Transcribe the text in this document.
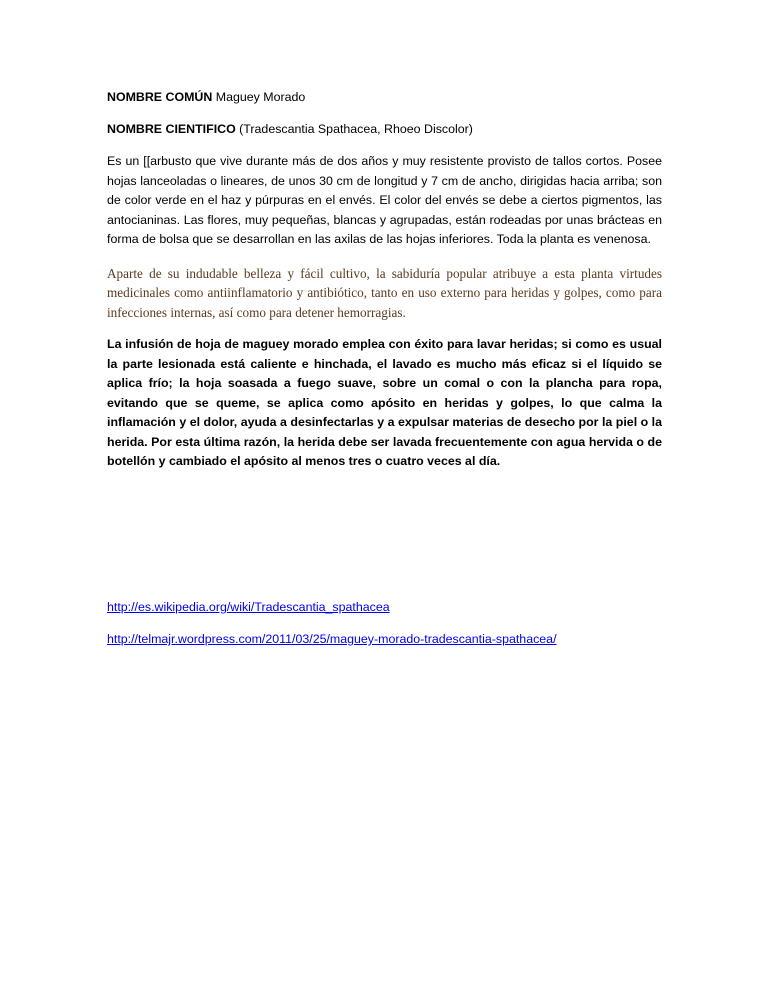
NOMBRE COMÚN Maguey Morado

NOMBRE CIENTIFICO (Tradescantia Spathacea, Rhoeo Discolor)

Es un [[arbusto que vive durante más de dos años y muy resistente provisto de tallos cortos. Posee hojas lanceoladas o lineares, de unos 30 cm de longitud y 7 cm de ancho, dirigidas hacia arriba; son de color verde en el haz y púrpuras en el envés. El color del envés se debe a ciertos pigmentos, las antocianinas. Las flores, muy pequeñas, blancas y agrupadas, están rodeadas por unas brácteas en forma de bolsa que se desarrollan en las axilas de las hojas inferiores. Toda la planta es venenosa.

Aparte de su indudable belleza y fácil cultivo, la sabiduría popular atribuye a esta planta virtudes medicinales como antiinflamatorio y antibiótico, tanto en uso externo para heridas y golpes, como para infecciones internas, así como para detener hemorragias.

La infusión de hoja de maguey morado emplea con éxito para lavar heridas; si como es usual la parte lesionada está caliente e hinchada, el lavado es mucho más eficaz si el líquido se aplica frío; la hoja soasada a fuego suave, sobre un comal o con la plancha para ropa, evitando que se queme, se aplica como apósito en heridas y golpes, lo que calma la inflamación y el dolor, ayuda a desinfectarlas y a expulsar materias de desecho por la piel o la herida. Por esta última razón, la herida debe ser lavada frecuentemente con agua hervida o de botellón y cambiado el apósito al menos tres o cuatro veces al día.

http://es.wikipedia.org/wiki/Tradescantia_spathacea
http://telmajr.wordpress.com/2011/03/25/maguey-morado-tradescantia-spathacea/
